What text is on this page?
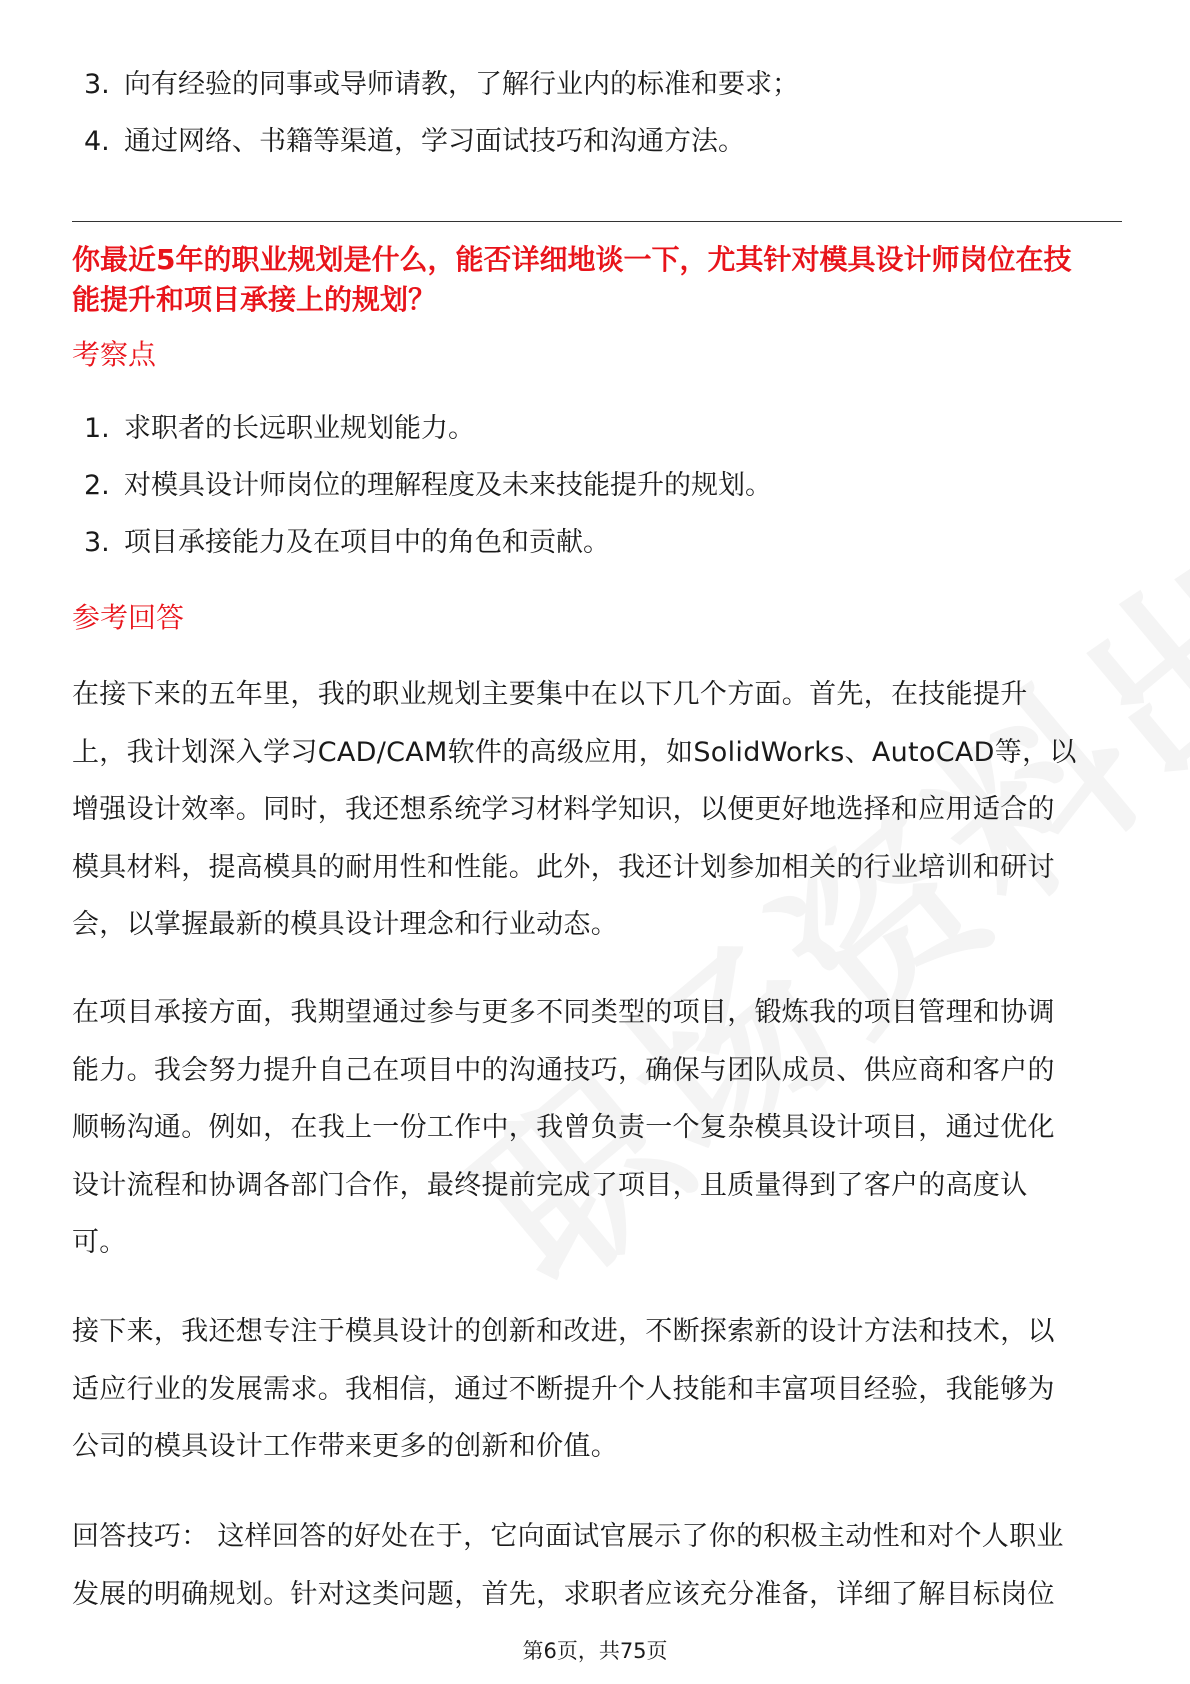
3. 向有经验的同事或导师请教，了解行业内的标准和要求；
4. 通过网络、书籍等渠道，学习面试技巧和沟通方法。
你最近5年的职业规划是什么，能否详细地谈一下，尤其针对模具设计师岗位在技
能提升和项目承接上的规划？
考察点
1. 求职者的长远职业规划能力。
2. 对模具设计师岗位的理解程度及未来技能提升的规划。
3. 项目承接能力及在项目中的角色和贡献。
参考回答
在接下来的五年里，我的职业规划主要集中在以下几个方面。首先，在技能提升
上，我计划深入学习CAD/CAM软件的高级应用，如SolidWorks、AutoCAD等，以
增强设计效率。同时，我还想系统学习材料学知识，以便更好地选择和应用适合的
模具材料，提高模具的耐用性和性能。此外，我还计划参加相关的行业培训和研讨
会，以掌握最新的模具设计理念和行业动态。
在项目承接方面，我期望通过参与更多不同类型的项目，锻炼我的项目管理和协调
能力。我会努力提升自己在项目中的沟通技巧，确保与团队成员、供应商和客户的
顺畅沟通。例如，在我上一份工作中，我曾负责一个复杂模具设计项目，通过优化
设计流程和协调各部门合作，最终提前完成了项目，且质量得到了客户的高度认
可。
接下来，我还想专注于模具设计的创新和改进，不断探索新的设计方法和技术，以
适应行业的发展需求。我相信，通过不断提升个人技能和丰富项目经验，我能够为
公司的模具设计工作带来更多的创新和价值。
回答技巧： 这样回答的好处在于，它向面试官展示了你的积极主动性和对个人职业
发展的明确规划。针对这类问题，首先，求职者应该充分准备，详细了解目标岗位
第6页，共75页
